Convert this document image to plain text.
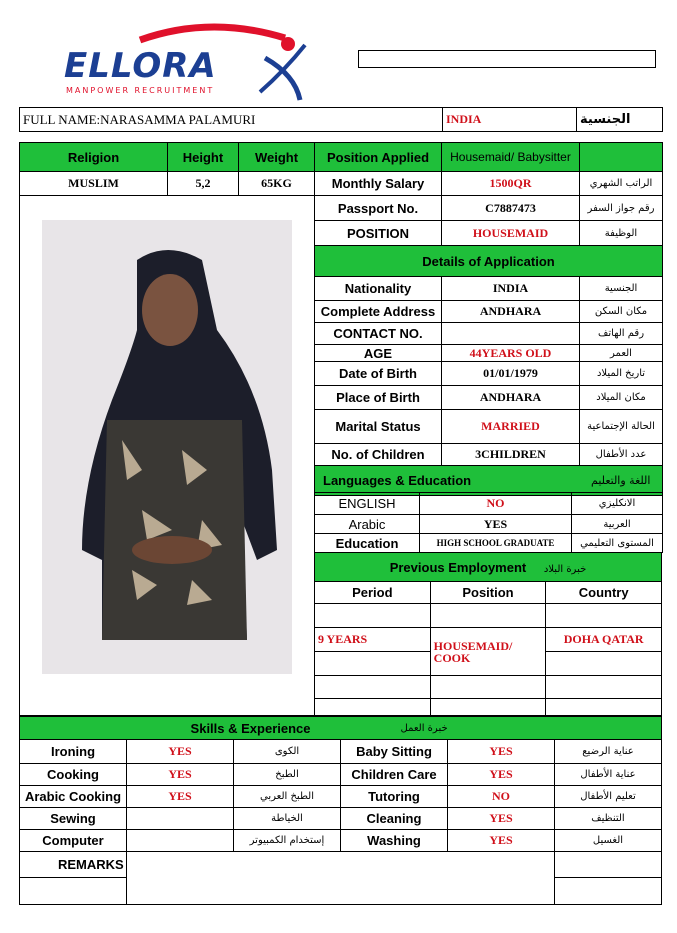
ELLORA
MANPOWER RECRUITMENT
FULL NAME:NARASAMMA PALAMURI	INDIA	الجنسية
Religion	Height	Weight	Position Applied	Housemaid/ Babysitter	
MUSLIM	5,2	65KG	Monthly Salary	1500QR	الراتب الشهري
Passport No.	C7887473	رقم جواز السفر
POSITION	HOUSEMAID	الوظيفة
Details of Application		
Nationality	INDIA	الجنسية
Complete Address	ANDHARA	مكان السكن
CONTACT NO.		رقم الهاتف
AGE	44YEARS OLD	العمر
Date of Birth	01/01/1979	تاريخ الميلاد
Place of Birth	ANDHARA	مكان الميلاد
Marital Status	MARRIED	الحالة الإجتماعية
No. of Children	3CHILDREN	عدد الأطفال
Languages & Education		اللغة والتعليم
ENGLISH	NO	الانكليزي
Arabic	YES	العربية
Education	HIGH SCHOOL GRADUATE	المستوى التعليمي
Previous Employment خبرة البلاد		
Period	Position	Country

9 YEARS	HOUSEMAID/ COOK	DOHA QATAR

Skills & Experience			خبرة العمل		
Ironing	YES	الكوى	Baby Sitting	YES	عناية الرضيع
Cooking	YES	الطبخ	Children Care	YES	عناية الأطفال
Arabic Cooking	YES	الطبخ العربي	Tutoring	NO	تعليم الأطفال
Sewing		الخياطة	Cleaning	YES	التنظيف
Computer		إستخدام الكمبيوتر	Washing	YES	الغسيل
REMARKS					
